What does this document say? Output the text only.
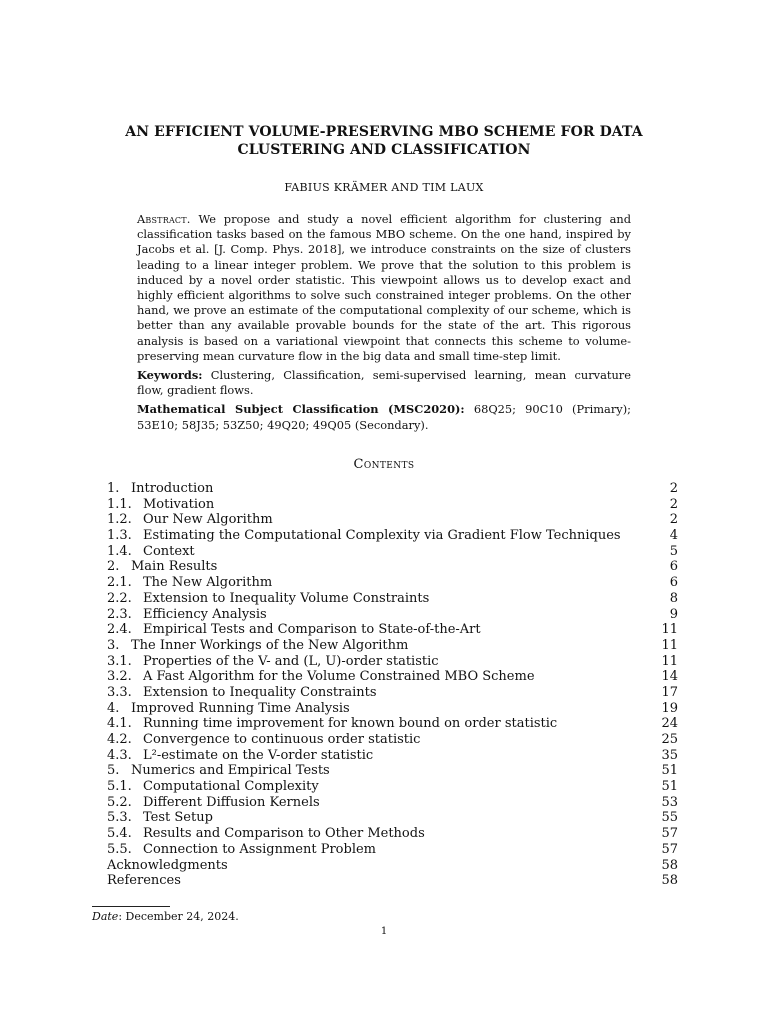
AN EFFICIENT VOLUME-PRESERVING MBO SCHEME FOR DATA
CLUSTERING AND CLASSIFICATION
FABIUS KRÄMER AND TIM LAUX

Abstract. We propose and study a novel efficient algorithm for clustering and classification tasks based on the famous MBO scheme. On the one hand, inspired by Jacobs et al. [J. Comp. Phys. 2018], we introduce constraints on the size of clusters leading to a linear integer problem. We prove that the solution to this problem is induced by a novel order statistic. This viewpoint allows us to develop exact and highly efficient algorithms to solve such constrained integer problems. On the other hand, we prove an estimate of the computational complexity of our scheme, which is better than any available provable bounds for the state of the art. This rigorous analysis is based on a variational viewpoint that connects this scheme to volume-preserving mean curvature flow in the big data and small time-step limit.

Keywords: Clustering, Classification, semi-supervised learning, mean curvature flow, gradient flows.

Mathematical Subject Classification (MSC2020): 68Q25; 90C10 (Primary); 53E10; 58J35; 53Z50; 49Q20; 49Q05 (Secondary).

Contents
1. Introduction	2
1.1. Motivation	2
1.2. Our New Algorithm	2
1.3. Estimating the Computational Complexity via Gradient Flow Techniques	4
1.4. Context	5
2. Main Results	6
2.1. The New Algorithm	6
2.2. Extension to Inequality Volume Constraints	8
2.3. Efficiency Analysis	9
2.4. Empirical Tests and Comparison to State-of-the-Art	11
3. The Inner Workings of the New Algorithm	11
3.1. Properties of the V- and (L, U)-order statistic	11
3.2. A Fast Algorithm for the Volume Constrained MBO Scheme	14
3.3. Extension to Inequality Constraints	17
4. Improved Running Time Analysis	19
4.1. Running time improvement for known bound on order statistic	24
4.2. Convergence to continuous order statistic	25
4.3. L²-estimate on the V-order statistic	35
5. Numerics and Empirical Tests	51
5.1. Computational Complexity	51
5.2. Different Diffusion Kernels	53
5.3. Test Setup	55
5.4. Results and Comparison to Other Methods	57
5.5. Connection to Assignment Problem	57
Acknowledgments	58
References	58
Date: December 24, 2024.
1
